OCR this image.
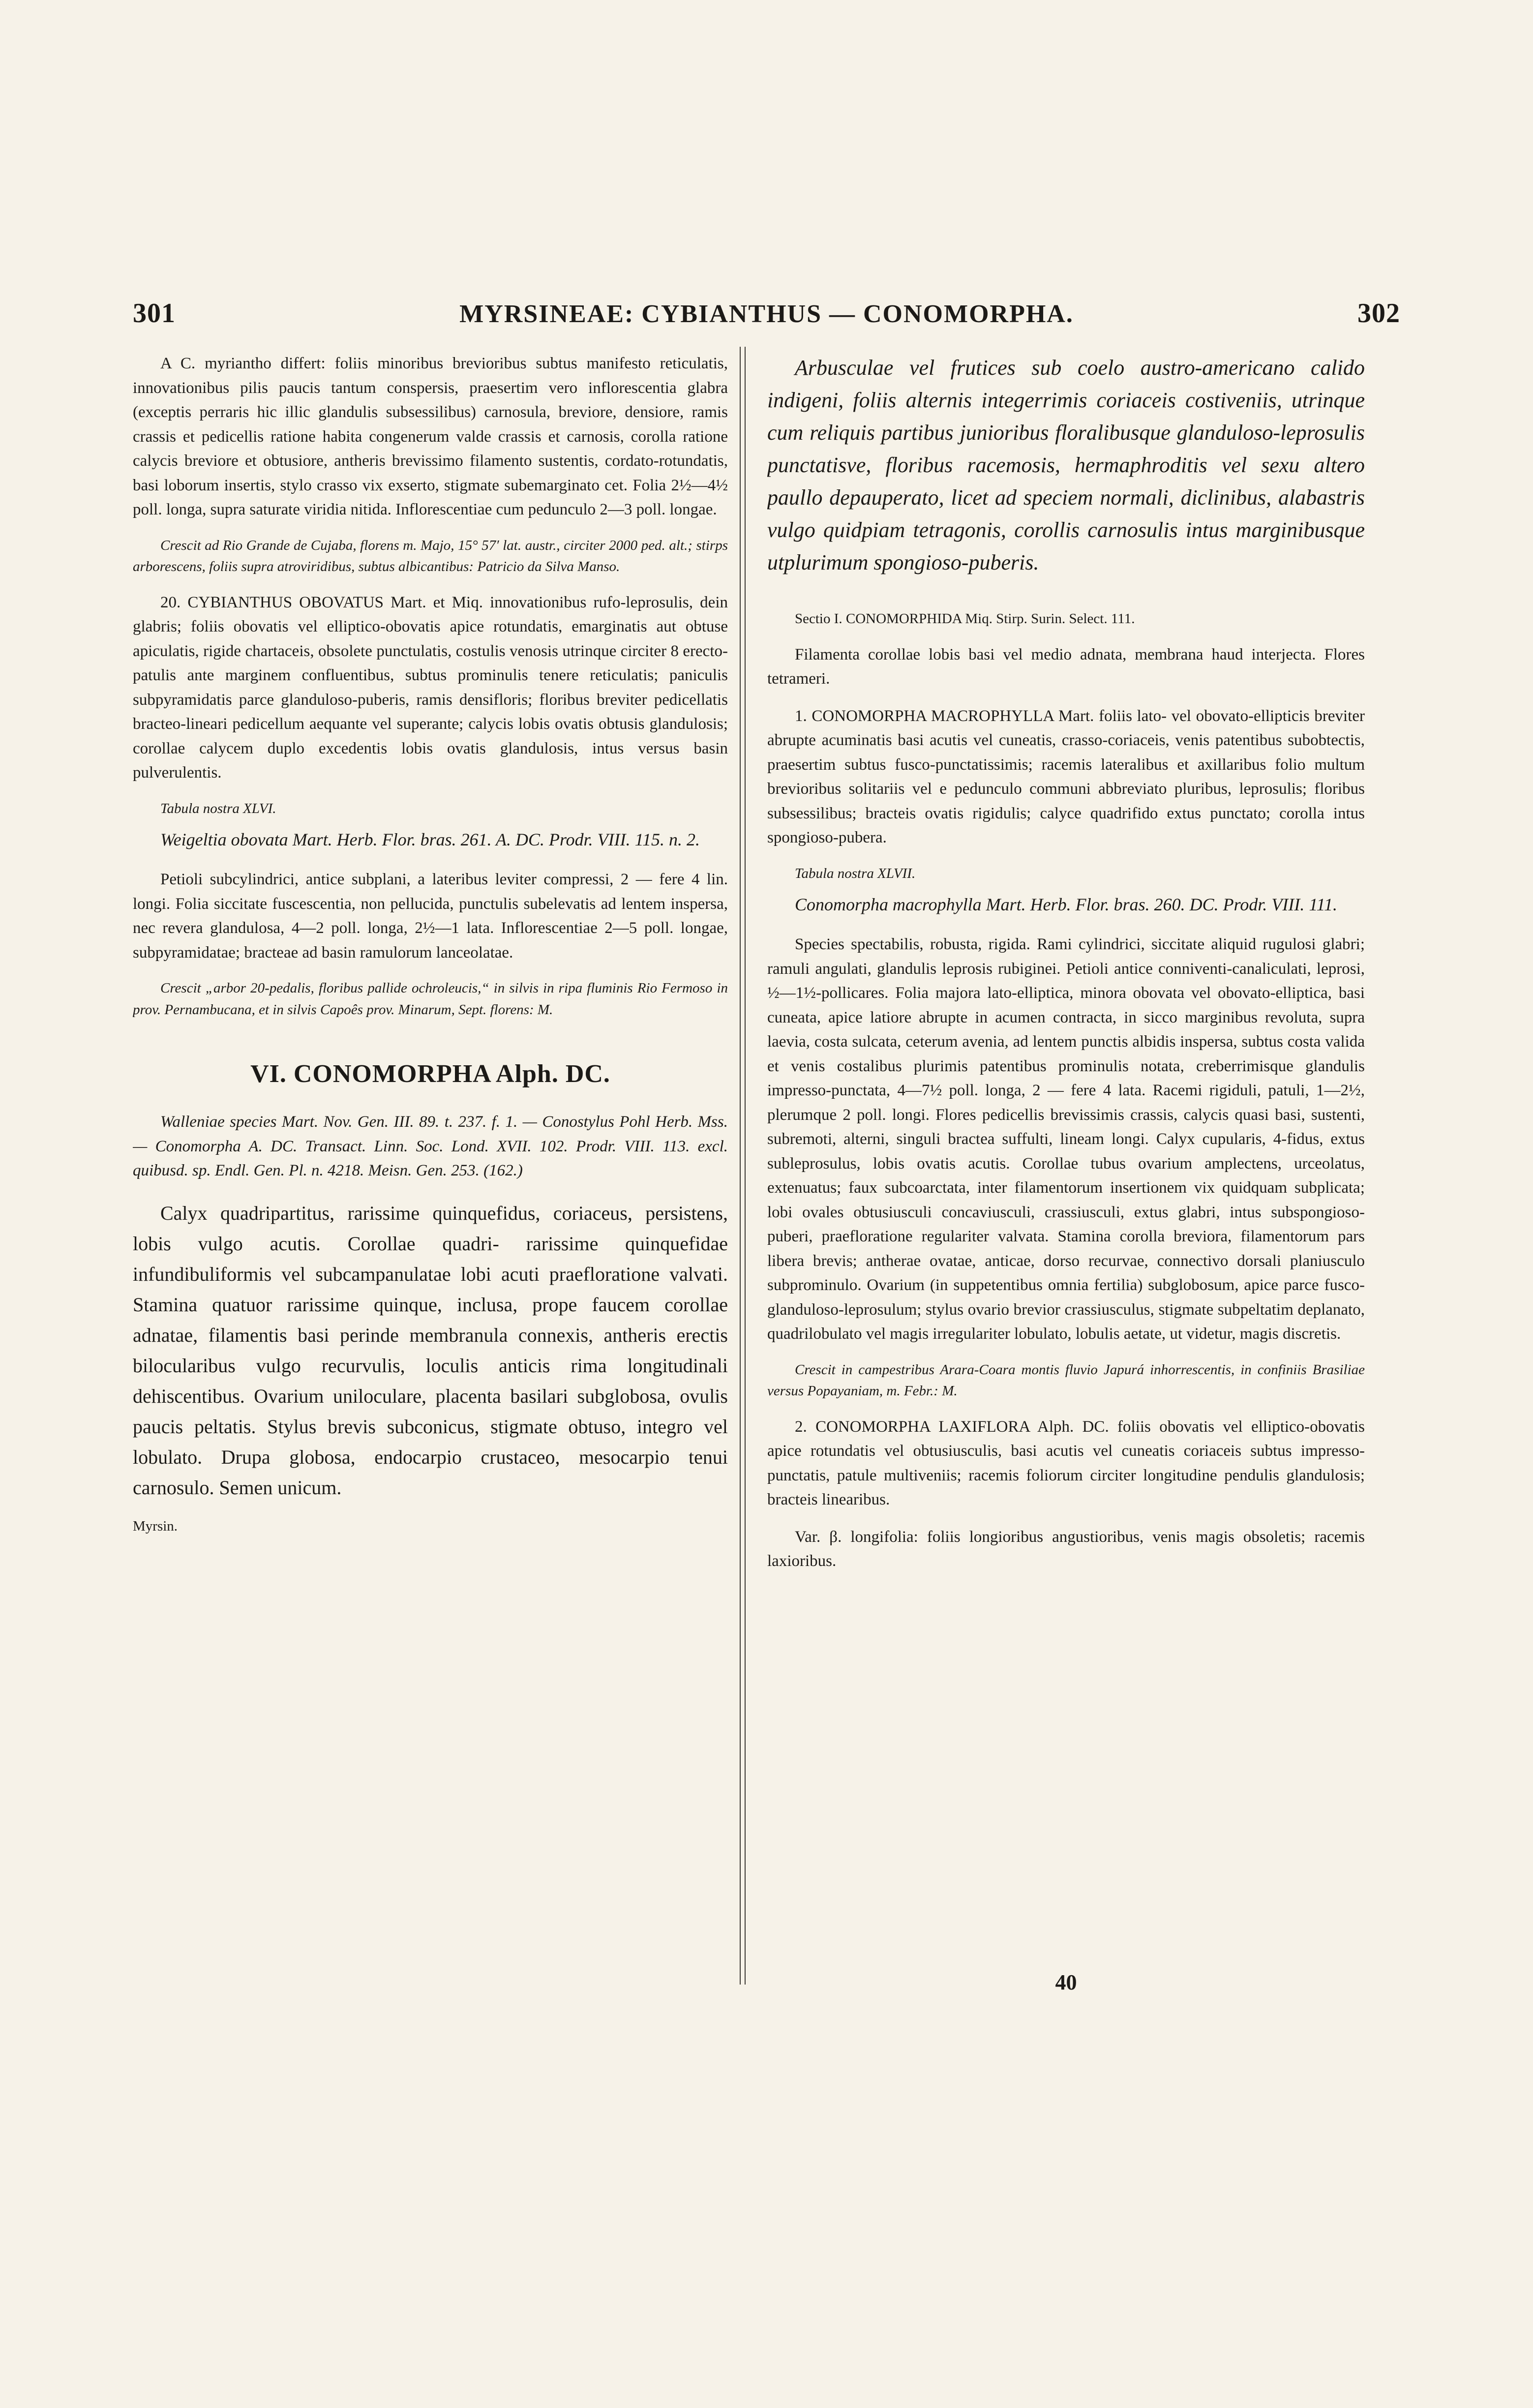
301	MYRSINEAE: CYBIANTHUS — CONOMORPHA.	302

A C. myriantho differt: foliis minoribus brevioribus subtus manifesto reticulatis, innovationibus pilis paucis tantum conspersis, praesertim vero inflorescentia glabra (exceptis perraris hic illic glandulis subsessilibus) carnosula, breviore, densiore, ramis crassis et pedicellis ratione habita congenerum valde crassis et carnosis, corolla ratione calycis breviore et obtusiore, antheris brevissimo filamento sustentis, cordato-rotundatis, basi loborum insertis, stylo crasso vix exserto, stigmate subemarginato cet. Folia 2½—4½ poll. longa, supra saturate viridia nitida. Inflorescentiae cum pedunculo 2—3 poll. longae.

Crescit ad Rio Grande de Cujaba, florens m. Majo, 15° 57′ lat. austr., circiter 2000 ped. alt.; stirps arborescens, foliis supra atroviridibus, subtus albicantibus: Patricio da Silva Manso.

20. CYBIANTHUS OBOVATUS Mart. et Miq. innovationibus rufo-leprosulis, dein glabris; foliis obovatis vel elliptico-obovatis apice rotundatis, emarginatis aut obtuse apiculatis, rigide chartaceis, obsolete punctulatis, costulis venosis utrinque circiter 8 erecto-patulis ante marginem confluentibus, subtus prominulis tenere reticulatis; paniculis subpyramidatis parce glanduloso-puberis, ramis densifloris; floribus breviter pedicellatis bracteo-lineari pedicellum aequante vel superante; calycis lobis ovatis obtusis glandulosis; corollae calycem duplo excedentis lobis ovatis glandulosis, intus versus basin pulverulentis.

Tabula nostra XLVI.

Weigeltia obovata Mart. Herb. Flor. bras. 261. A. DC. Prodr. VIII. 115. n. 2.

Petioli subcylindrici, antice subplani, a lateribus leviter compressi, 2 — fere 4 lin. longi. Folia siccitate fuscescentia, non pellucida, punctulis subelevatis ad lentem inspersa, nec revera glandulosa, 4—2 poll. longa, 2½—1 lata. Inflorescentiae 2—5 poll. longae, subpyramidatae; bracteae ad basin ramulorum lanceolatae.

Crescit „arbor 20-pedalis, floribus pallide ochroleucis,“ in silvis in ripa fluminis Rio Fermoso in prov. Pernambucana, et in silvis Capoês prov. Minarum, Sept. florens: M.

VI. CONOMORPHA Alph. DC.

Walleniae species Mart. Nov. Gen. III. 89. t. 237. f. 1. — Conostylus Pohl Herb. Mss. — Conomorpha A. DC. Transact. Linn. Soc. Lond. XVII. 102. Prodr. VIII. 113. excl. quibusd. sp. Endl. Gen. Pl. n. 4218. Meisn. Gen. 253. (162.)

Calyx quadripartitus, rarissime quinquefidus, coriaceus, persistens, lobis vulgo acutis. Corollae quadri- rarissime quinquefidae infundibuliformis vel subcampanulatae lobi acuti praefloratione valvati. Stamina quatuor rarissime quinque, inclusa, prope faucem corollae adnatae, filamentis basi perinde membranula connexis, antheris erectis bilocularibus vulgo recurvulis, loculis anticis rima longitudinali dehiscentibus. Ovarium uniloculare, placenta basilari subglobosa, ovulis paucis peltatis. Stylus brevis subconicus, stigmate obtuso, integro vel lobulato. Drupa globosa, endocarpio crustaceo, mesocarpio tenui carnosulo. Semen unicum.

Myrsin.

Arbusculae vel frutices sub coelo austro-americano calido indigeni, foliis alternis integerrimis coriaceis costiveniis, utrinque cum reliquis partibus junioribus floralibusque glanduloso-leprosulis punctatisve, floribus racemosis, hermaphroditis vel sexu altero paullo depauperato, licet ad speciem normali, diclinibus, alabastris vulgo quidpiam tetragonis, corollis carnosulis intus marginibusque utplurimum spongioso-puberis.

Sectio I. CONOMORPHIDA Miq. Stirp. Surin. Select. 111.

Filamenta corollae lobis basi vel medio adnata, membrana haud interjecta. Flores tetrameri.

1. CONOMORPHA MACROPHYLLA Mart. foliis lato- vel obovato-ellipticis breviter abrupte acuminatis basi acutis vel cuneatis, crasso-coriaceis, venis patentibus subobtectis, praesertim subtus fusco-punctatissimis; racemis lateralibus et axillaribus folio multum brevioribus solitariis vel e pedunculo communi abbreviato pluribus, leprosulis; floribus subsessilibus; bracteis ovatis rigidulis; calyce quadrifido extus punctato; corolla intus spongioso-pubera.

Tabula nostra XLVII.

Conomorpha macrophylla Mart. Herb. Flor. bras. 260. DC. Prodr. VIII. 111.

Species spectabilis, robusta, rigida. Rami cylindrici, siccitate aliquid rugulosi glabri; ramuli angulati, glandulis leprosis rubiginei. Petioli antice conniventi-canaliculati, leprosi, ½—1½-pollicares. Folia majora lato-elliptica, minora obovata vel obovato-elliptica, basi cuneata, apice latiore abrupte in acumen contracta, in sicco marginibus revoluta, supra laevia, costa sulcata, ceterum avenia, ad lentem punctis albidis inspersa, subtus costa valida et venis costalibus plurimis patentibus prominulis notata, creberrimisque glandulis impresso-punctata, 4—7½ poll. longa, 2 — fere 4 lata. Racemi rigiduli, patuli, 1—2½, plerumque 2 poll. longi. Flores pedicellis brevissimis crassis, calycis quasi basi, sustenti, subremoti, alterni, singuli bractea suffulti, lineam longi. Calyx cupularis, 4-fidus, extus subleprosulus, lobis ovatis acutis. Corollae tubus ovarium amplectens, urceolatus, extenuatus; faux subcoarctata, inter filamentorum insertionem vix quidquam subplicata; lobi ovales obtusiusculi concaviusculi, crassiusculi, extus glabri, intus subspongioso-puberi, praefloratione regulariter valvata. Stamina corolla breviora, filamentorum pars libera brevis; antherae ovatae, anticae, dorso recurvae, connectivo dorsali planiusculo subprominulo. Ovarium (in suppetentibus omnia fertilia) subglobosum, apice parce fusco-glanduloso-leprosulum; stylus ovario brevior crassiusculus, stigmate subpeltatim deplanato, quadrilobulato vel magis irregulariter lobulato, lobulis aetate, ut videtur, magis discretis.

Crescit in campestribus Arara-Coara montis fluvio Japurá inhorrescentis, in confiniis Brasiliae versus Popayaniam, m. Febr.: M.

2. CONOMORPHA LAXIFLORA Alph. DC. foliis obovatis vel elliptico-obovatis apice rotundatis vel obtusiusculis, basi acutis vel cuneatis coriaceis subtus impresso-punctatis, patule multiveniis; racemis foliorum circiter longitudine pendulis glandulosis; bracteis linearibus.

Var. β. longifolia: foliis longioribus angustioribus, venis magis obsoletis; racemis laxioribus.

40
